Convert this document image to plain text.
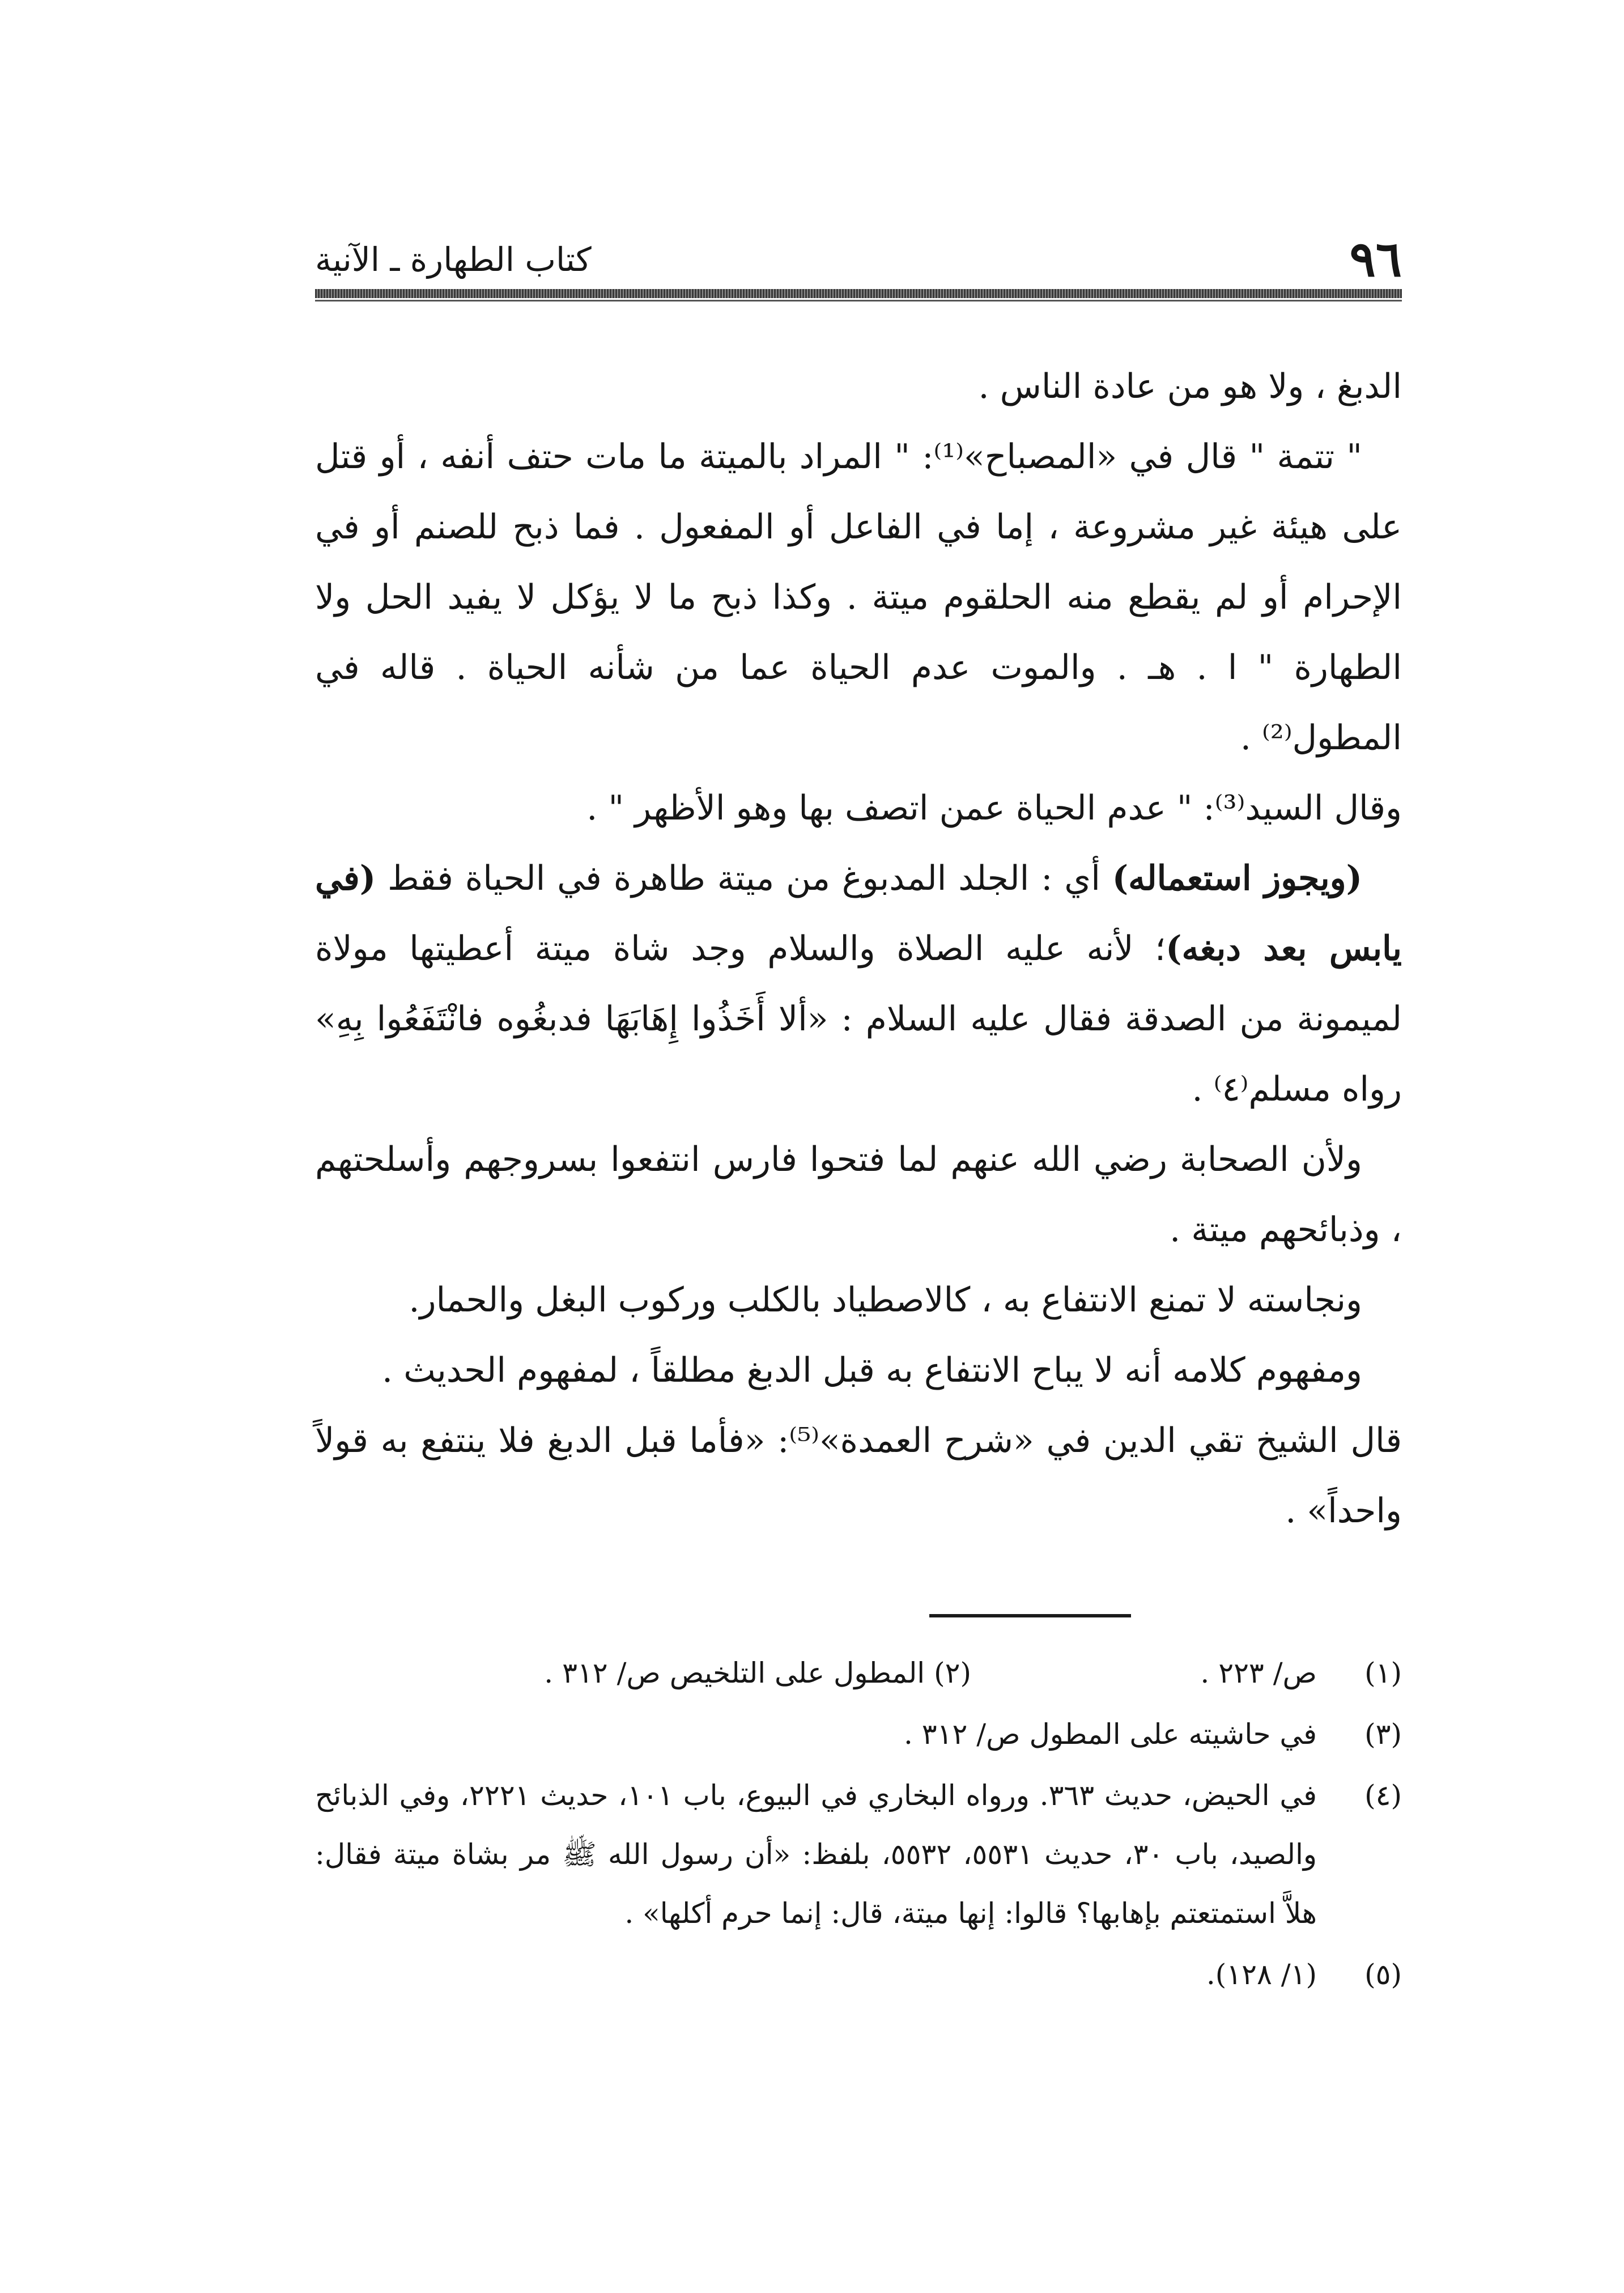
٩٦
كتاب الطهارة ـ الآنية

الدبغ ، ولا هو من عادة الناس .

" تتمة " قال في «المصباح»⁽¹⁾: " المراد بالميتة ما مات حتف أنفه ، أو قتل على هيئة غير مشروعة ، إما في الفاعل أو المفعول . فما ذبح للصنم أو في الإحرام أو لم يقطع منه الحلقوم ميتة . وكذا ذبح ما لا يؤكل لا يفيد الحل ولا الطهارة " ا . هـ . والموت عدم الحياة عما من شأنه الحياة . قاله في المطول⁽²⁾ .

وقال السيد⁽³⁾: " عدم الحياة عمن اتصف بها وهو الأظهر " .

(ويجوز استعماله) أي : الجلد المدبوغ من ميتة طاهرة في الحياة فقط (في يابس بعد دبغه)؛ لأنه عليه الصلاة والسلام وجد شاة ميتة أعطيتها مولاة لميمونة من الصدقة فقال عليه السلام : «ألا أَخَذُوا إِهَابَهَا فدبغُوه فانْتَفَعُوا بِهِ» رواه مسلم⁽٤⁾ .

ولأن الصحابة رضي الله عنهم لما فتحوا فارس انتفعوا بسروجهم وأسلحتهم ، وذبائحهم ميتة .

ونجاسته لا تمنع الانتفاع به ، كالاصطياد بالكلب وركوب البغل والحمار.

ومفهوم كلامه أنه لا يباح الانتفاع به قبل الدبغ مطلقاً ، لمفهوم الحديث .

قال الشيخ تقي الدين في «شرح العمدة»⁽⁵⁾: «فأما قبل الدبغ فلا ينتفع به قولاً واحداً» .

(١)
ص/ ٢٢٣ .
(٢) المطول على التلخيص ص/ ٣١٢ .
(٣)
في حاشيته على المطول ص/ ٣١٢ .
(٤)
في الحيض، حديث ٣٦٣. ورواه البخاري في البيوع، باب ١٠١، حديث ٢٢٢١، وفي الذبائح والصيد، باب ٣٠، حديث ٥٥٣١، ٥٥٣٢، بلفظ: «أن رسول الله ﷺ مر بشاة ميتة فقال: هلاَّ استمتعتم بإهابها؟ قالوا: إنها ميتة، قال: إنما حرم أكلها» .
(٥)
(١/ ١٢٨).
